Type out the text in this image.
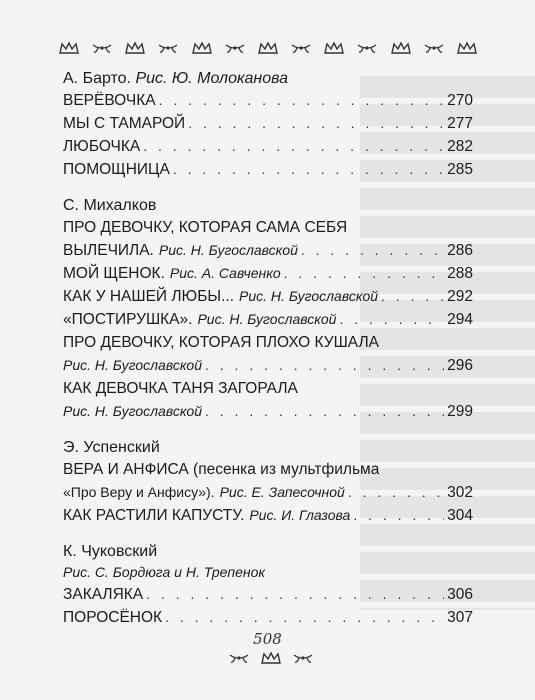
А. Барто. Рис. Ю. Молоканова
ВЕРЁВОЧКА . . .	270
МЫ С ТАМАРОЙ . . .	277
ЛЮБОЧКА . . .	282
ПОМОЩНИЦА . . .	285
С. Михалков
ПРО ДЕВОЧКУ, КОТОРАЯ САМА СЕБЯ
ВЫЛЕЧИЛА. Рис. Н. Бугославской . . .	286
МОЙ ЩЕНОК. Рис. А. Савченко . . .	288
КАК У НАШЕЙ ЛЮБЫ... Рис. Н. Бугославской . . .	292
«ПОСТИРУШКА». Рис. Н. Бугославской . . .	294
ПРО ДЕВОЧКУ, КОТОРАЯ ПЛОХО КУШАЛА
Рис. Н. Бугославской . . .	296
КАК ДЕВОЧКА ТАНЯ ЗАГОРАЛА
Рис. Н. Бугославской . . .	299
Э. Успенский
ВЕРА И АНФИСА (песенка из мультфильма
«Про Веру и Анфису»). Рис. Е. Запесочной . . .	302
КАК РАСТИЛИ КАПУСТУ. Рис. И. Глазова . . .	304
К. Чуковский
Рис. С. Бордюга и Н. Трепенок
ЗАКАЛЯКА . . .	306
ПОРОСЁНОК . . .	307
508
